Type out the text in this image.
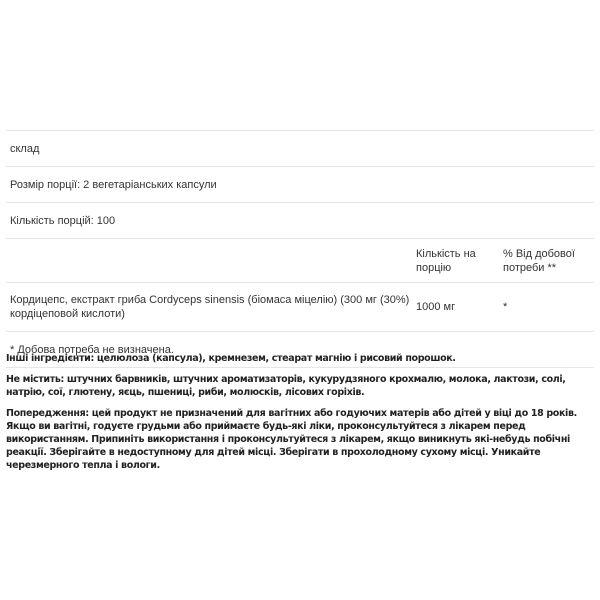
склад
Розмір порції: 2 вегетаріанських капсули
Кількість порцій: 100
Кількість на порцію
% Від добової потреби **
Кордицепс, екстракт гриба Cordyceps sinensis (біомаса міцелію) (300 мг (30%) кордіцеповой кислоти)
1000 мг	*
* Добова потреба не визначена.

Інші інгредієнти: целюлоза (капсула), кремнезем, стеарат магнію і рисовий порошок.

Не містить: штучних барвників, штучних ароматизаторів, кукурудзяного крохмалю, молока, лактози, солі, натрію, сої, глютену, яєць, пшениці, риби, молюсків, лісових горіхів.

Попередження: цей продукт не призначений для вагітних або годуючих матерів або дітей у віці до 18 років. Якщо ви вагітні, годуєте грудьми або приймаєте будь-які ліки, проконсультуйтеся з лікарем перед використанням. Припиніть використання і проконсультуйтеся з лікарем, якщо виникнуть які-небудь побічні реакції. Зберігайте в недоступному для дітей місці. Зберігати в прохолодному сухому місці. Уникайте черезмерного тепла і вологи.
